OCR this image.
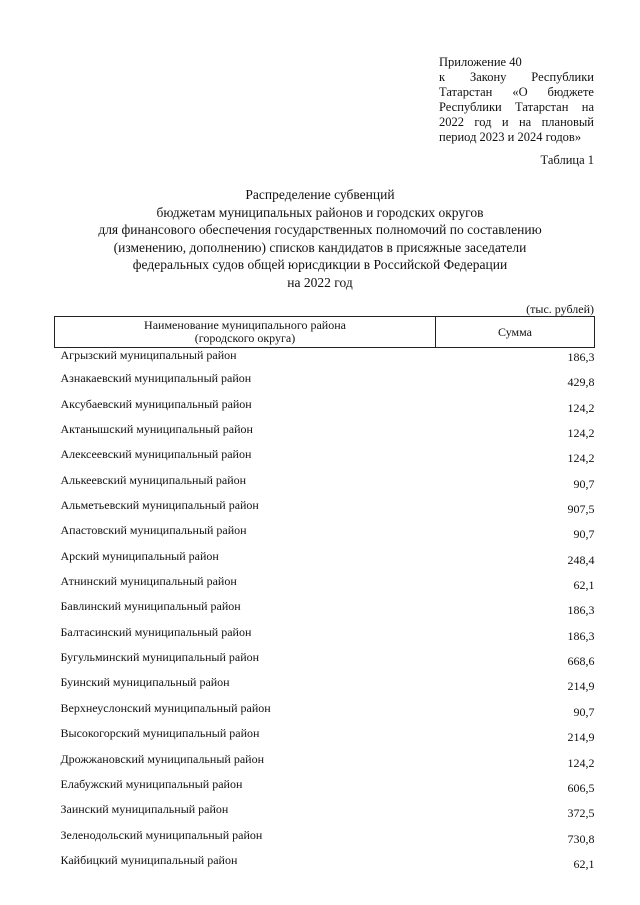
Приложение 40
к Закону Республики
Татарстан «О бюджете
Республики Татарстан на
2022 год и на плановый
период 2023 и 2024 годов»
Таблица 1
Распределение субвенций
бюджетам муниципальных районов и городских округов
для финансового обеспечения государственных полномочий по составлению
(изменению, дополнению) списков кандидатов в присяжные заседатели
федеральных судов общей юрисдикции в Российской Федерации
на 2022 год
(тыс. рублей)
Наименование муниципального района
(городского округа)	Сумма
Агрызский муниципальный район	186,3
Азнакаевский муниципальный район	429,8
Аксубаевский муниципальный район	124,2
Актанышский муниципальный район	124,2
Алексеевский муниципальный район	124,2
Алькеевский муниципальный район	90,7
Альметьевский муниципальный район	907,5
Апастовский муниципальный район	90,7
Арский муниципальный район	248,4
Атнинский муниципальный район	62,1
Бавлинский муниципальный район	186,3
Балтасинский муниципальный район	186,3
Бугульминский муниципальный район	668,6
Буинский муниципальный район	214,9
Верхнеуслонский муниципальный район	90,7
Высокогорский муниципальный район	214,9
Дрожжановский муниципальный район	124,2
Елабужский муниципальный район	606,5
Заинский муниципальный район	372,5
Зеленодольский муниципальный район	730,8
Кайбицкий муниципальный район	62,1
